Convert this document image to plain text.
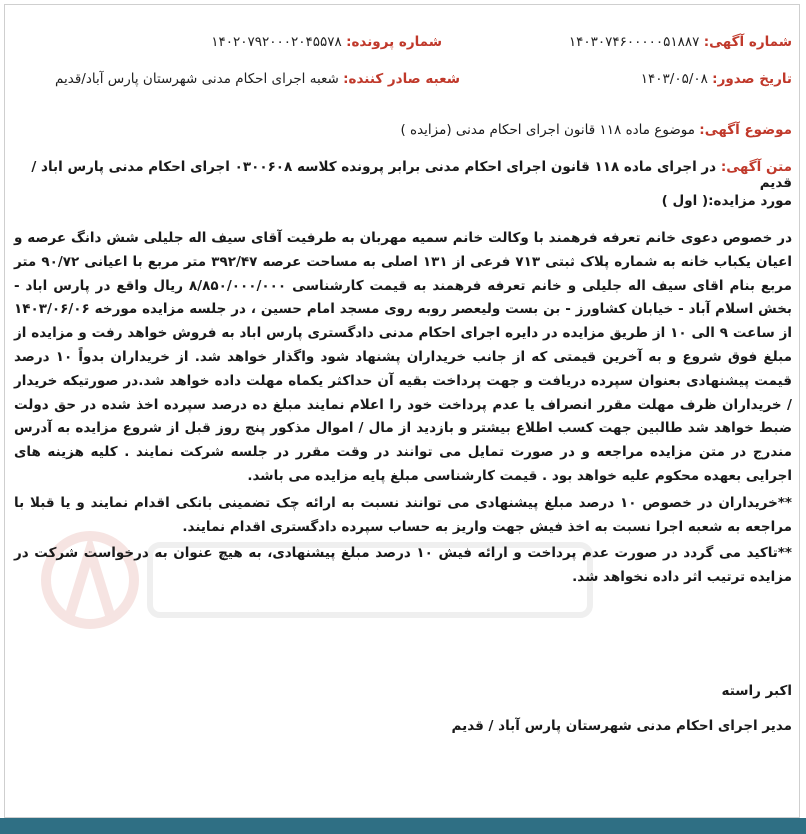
شماره آگهی: ۱۴۰۳۰۷۴۶۰۰۰۰۰۵۱۸۸۷
شماره پرونده: ۱۴۰۲۰۷۹۲۰۰۰۲۰۴۵۵۷۸
تاریخ صدور: ۱۴۰۳/۰۵/۰۸
شعبه صادر کننده: شعبه اجرای احکام مدنی شهرستان پارس آباد/قدیم
موضوع آگهی: موضوع ماده ۱۱۸ قانون اجرای احکام مدنی (مزایده )
متن آگهی: در اجرای ماده ۱۱۸ قانون اجرای احکام مدنی برابر پرونده کلاسه ۰۳۰۰۶۰۸ اجرای احکام مدنی پارس اباد / قدیم
مورد مزایده:( اول )

در خصوص دعوی خانم تعرفه فرهمند با وکالت خانم سمیه مهربان به طرفیت آقای سیف اله جلیلی شش دانگ عرصه و اعیان یکباب خانه به شماره پلاک ثبتی ۷۱۳ فرعی از ۱۳۱ اصلی به مساحت عرصه ۳۹۲/۴۷ متر مربع با اعیانی ۹۰/۷۲ متر مربع بنام اقای سیف اله جلیلی و خانم تعرفه فرهمند به قیمت کارشناسی ۸/۸۵۰/۰۰۰/۰۰۰ ریال واقع در پارس اباد - بخش اسلام آباد - خیابان کشاورز - بن بست ولیعصر روبه روی مسجد امام حسین ، در جلسه مزایده مورخه ۱۴۰۳/۰۶/۰۶ از ساعت ۹ الی ۱۰ از طریق مزایده در دایره اجرای احکام مدنی دادگستری پارس اباد به فروش خواهد رفت و مزایده از مبلغ فوق شروع و به آخرین قیمتی که از جانب خریداران پشنهاد شود واگذار خواهد شد. از خریداران بدواً ۱۰ درصد قیمت پیشنهادی بعنوان سپرده دریافت و جهت پرداخت بقیه آن حداکثر یکماه مهلت داده خواهد شد.در صورتیکه خریدار / خریداران ظرف مهلت مقرر انصراف یا عدم پرداخت خود را اعلام نمایند مبلغ ده درصد سپرده اخذ شده در حق دولت ضبط خواهد شد طالبین جهت کسب اطلاع بیشتر و بازدید از مال / اموال مذکور پنج روز قبل از شروع مزایده به آدرس مندرج در متن مزایده مراجعه و در صورت تمایل می توانند در وقت مقرر در جلسه شرکت نمایند . کلیه هزینه های اجرایی بعهده محکوم علیه خواهد بود . قیمت کارشناسی مبلغ پایه مزایده می باشد.

**خریداران در خصوص ۱۰ درصد مبلغ پیشنهادی می توانند نسبت به ارائه چک تضمینی بانکی اقدام نمایند و یا قبلا با مراجعه به شعبه اجرا نسبت به اخذ فیش جهت واریز به حساب سپرده دادگستری اقدام نمایند.

**تاکید می گردد در صورت عدم پرداخت و ارائه فیش ۱۰ درصد مبلغ پیشنهادی، به هیچ عنوان به درخواست شرکت در مزایده ترتیب اثر داده نخواهد شد.

اکبر راسته
مدیر اجرای احکام مدنی شهرستان پارس آباد / قدیم
